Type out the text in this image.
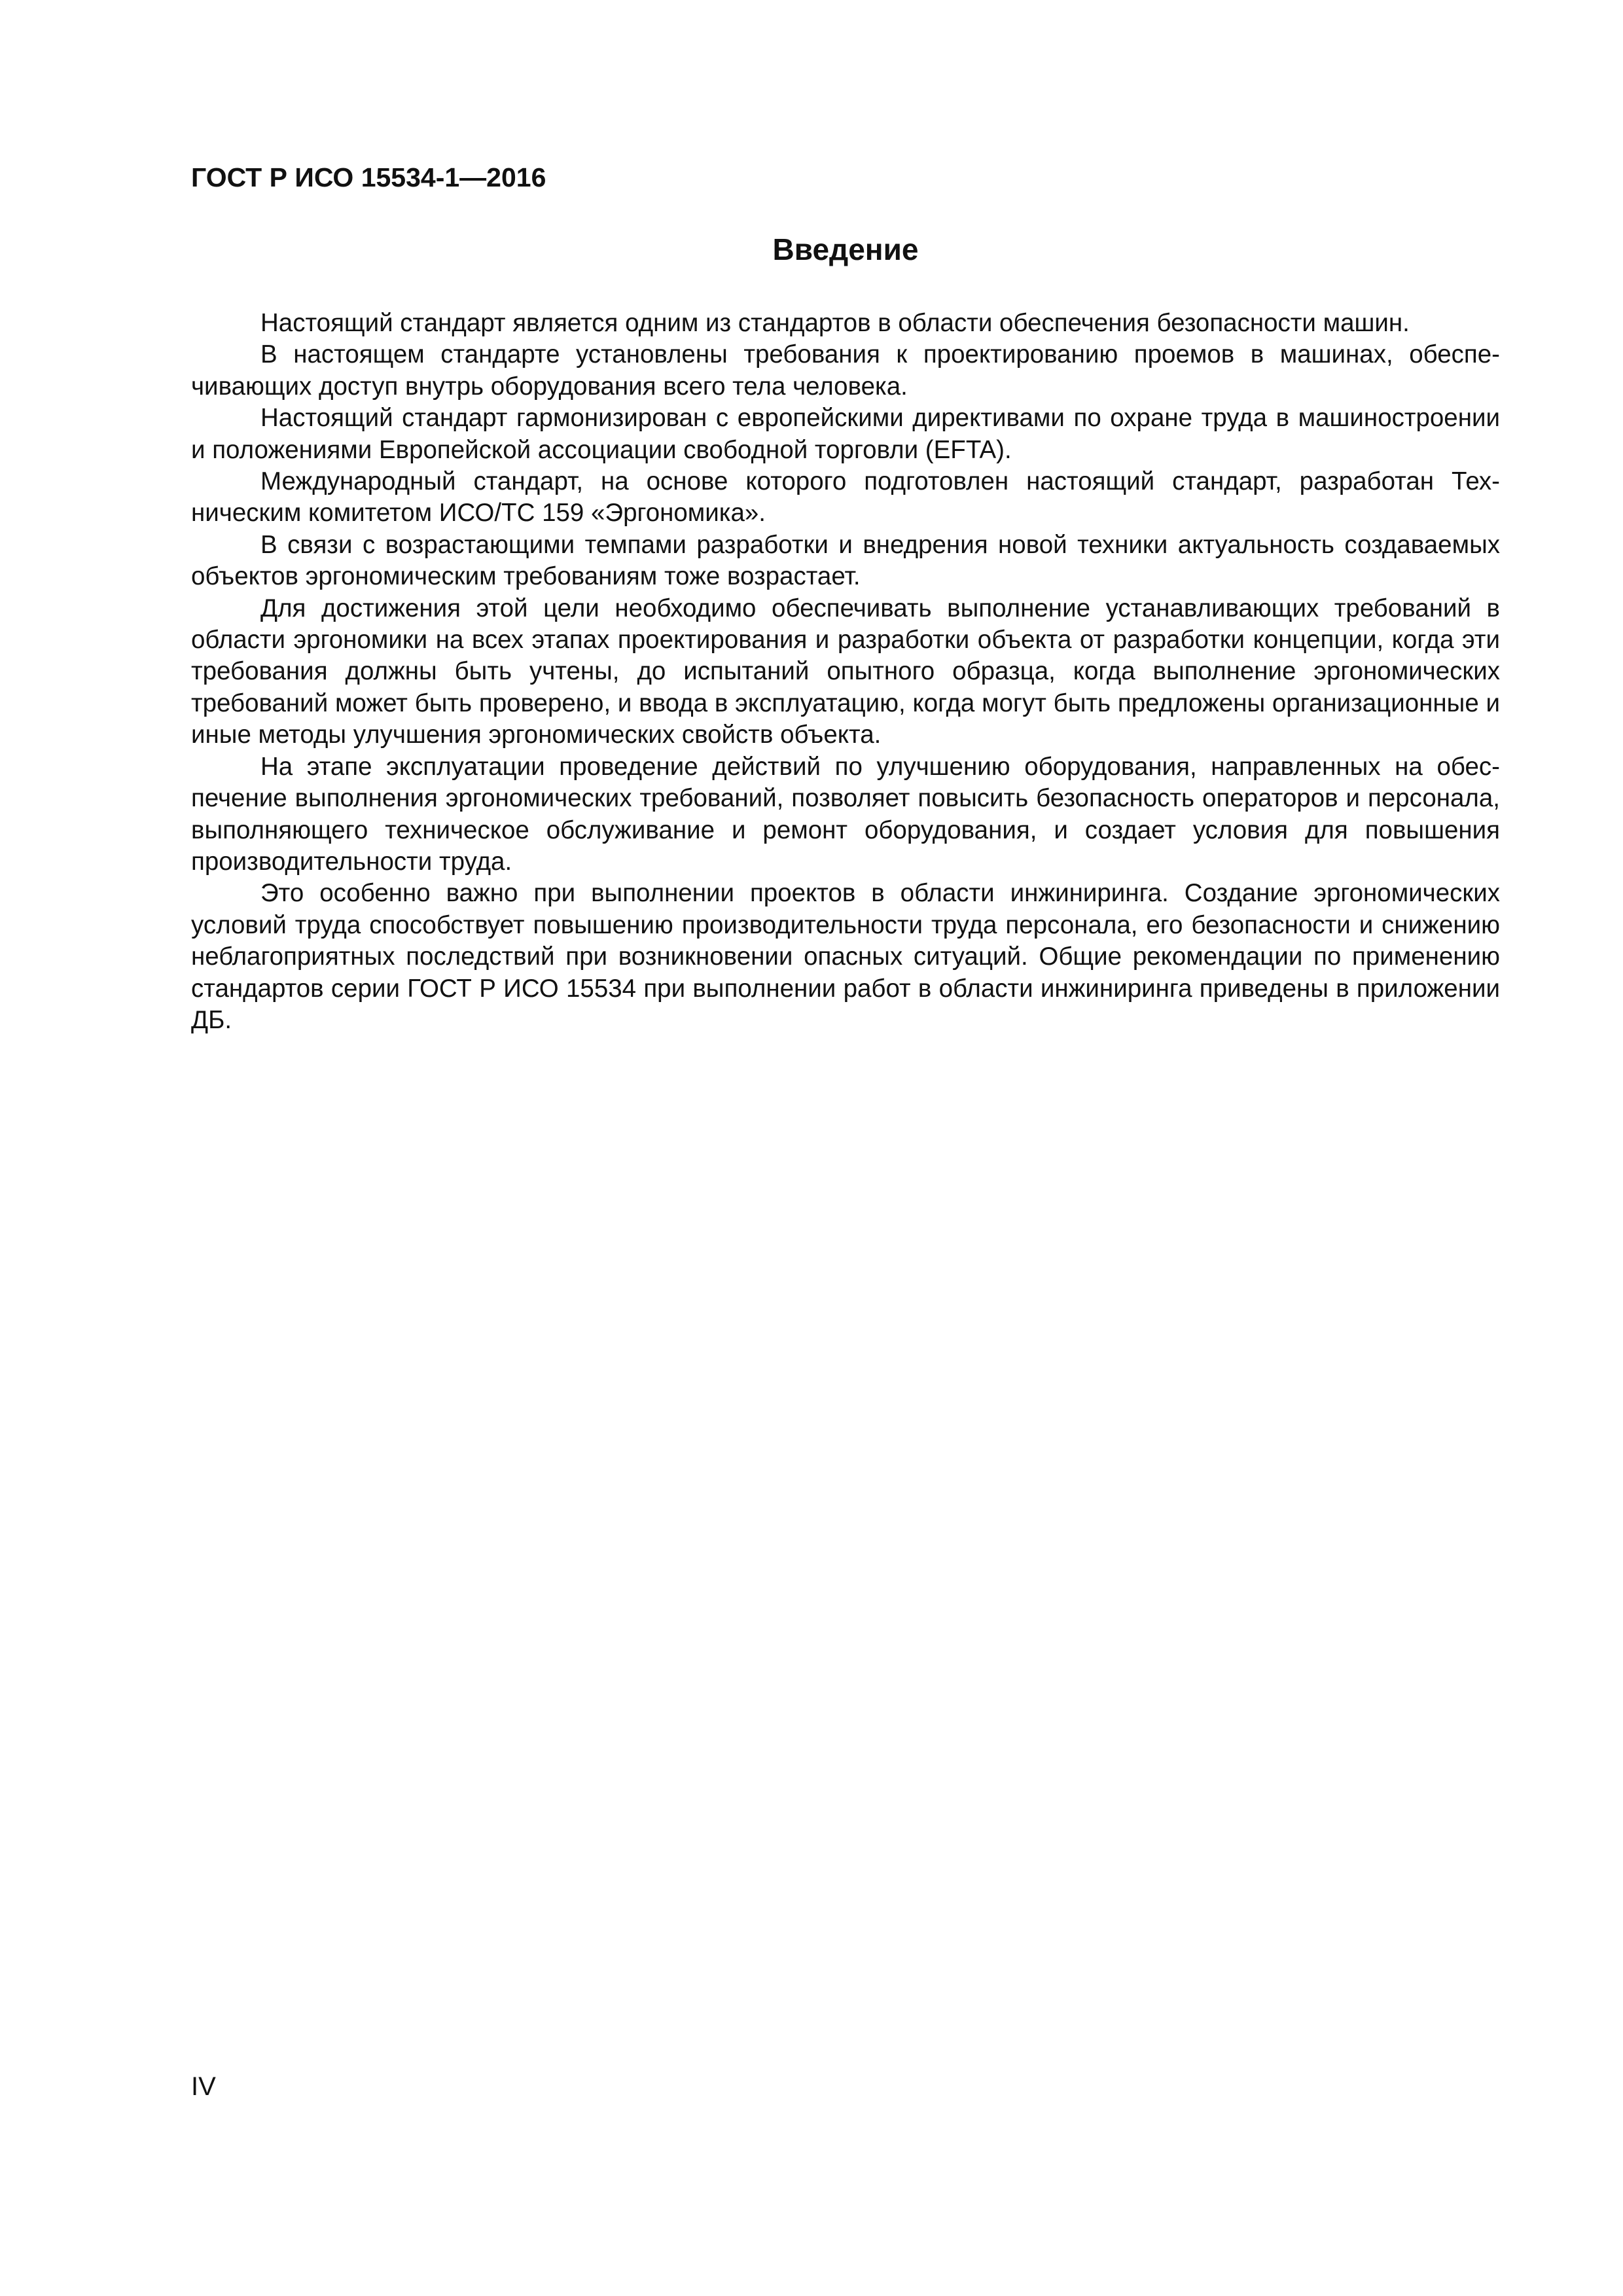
ГОСТ Р ИСО 15534-1—2016
Введение

Настоящий стандарт является одним из стандартов в области обеспечения безопасности машин.

В настоящем стандарте установлены требования к проектированию проемов в машинах, обеспечивающих доступ внутрь оборудования всего тела человека.

Настоящий стандарт гармонизирован с европейскими директивами по охране труда в машиностроении и положениями Европейской ассоциации свободной торговли (EFTA).

Международный стандарт, на основе которого подготовлен настоящий стандарт, разработан Техническим комитетом ИСО/ТС 159 «Эргономика».

В связи с возрастающими темпами разработки и внедрения новой техники актуальность создаваемых объектов эргономическим требованиям тоже возрастает.

Для достижения этой цели необходимо обеспечивать выполнение устанавливающих требований в области эргономики на всех этапах проектирования и разработки объекта от разработки концепции, когда эти требования должны быть учтены, до испытаний опытного образца, когда выполнение эргономических требований может быть проверено, и ввода в эксплуатацию, когда могут быть предложены организационные и иные методы улучшения эргономических свойств объекта.

На этапе эксплуатации проведение действий по улучшению оборудования, направленных на обеспечение выполнения эргономических требований, позволяет повысить безопасность операторов и персонала, выполняющего техническое обслуживание и ремонт оборудования, и создает условия для повышения производительности труда.

Это особенно важно при выполнении проектов в области инжиниринга. Создание эргономических условий труда способствует повышению производительности труда персонала, его безопасности и снижению неблагоприятных последствий при возникновении опасных ситуаций. Общие рекомендации по применению стандартов серии ГОСТ Р ИСО 15534 при выполнении работ в области инжиниринга приведены в приложении ДБ.

IV
